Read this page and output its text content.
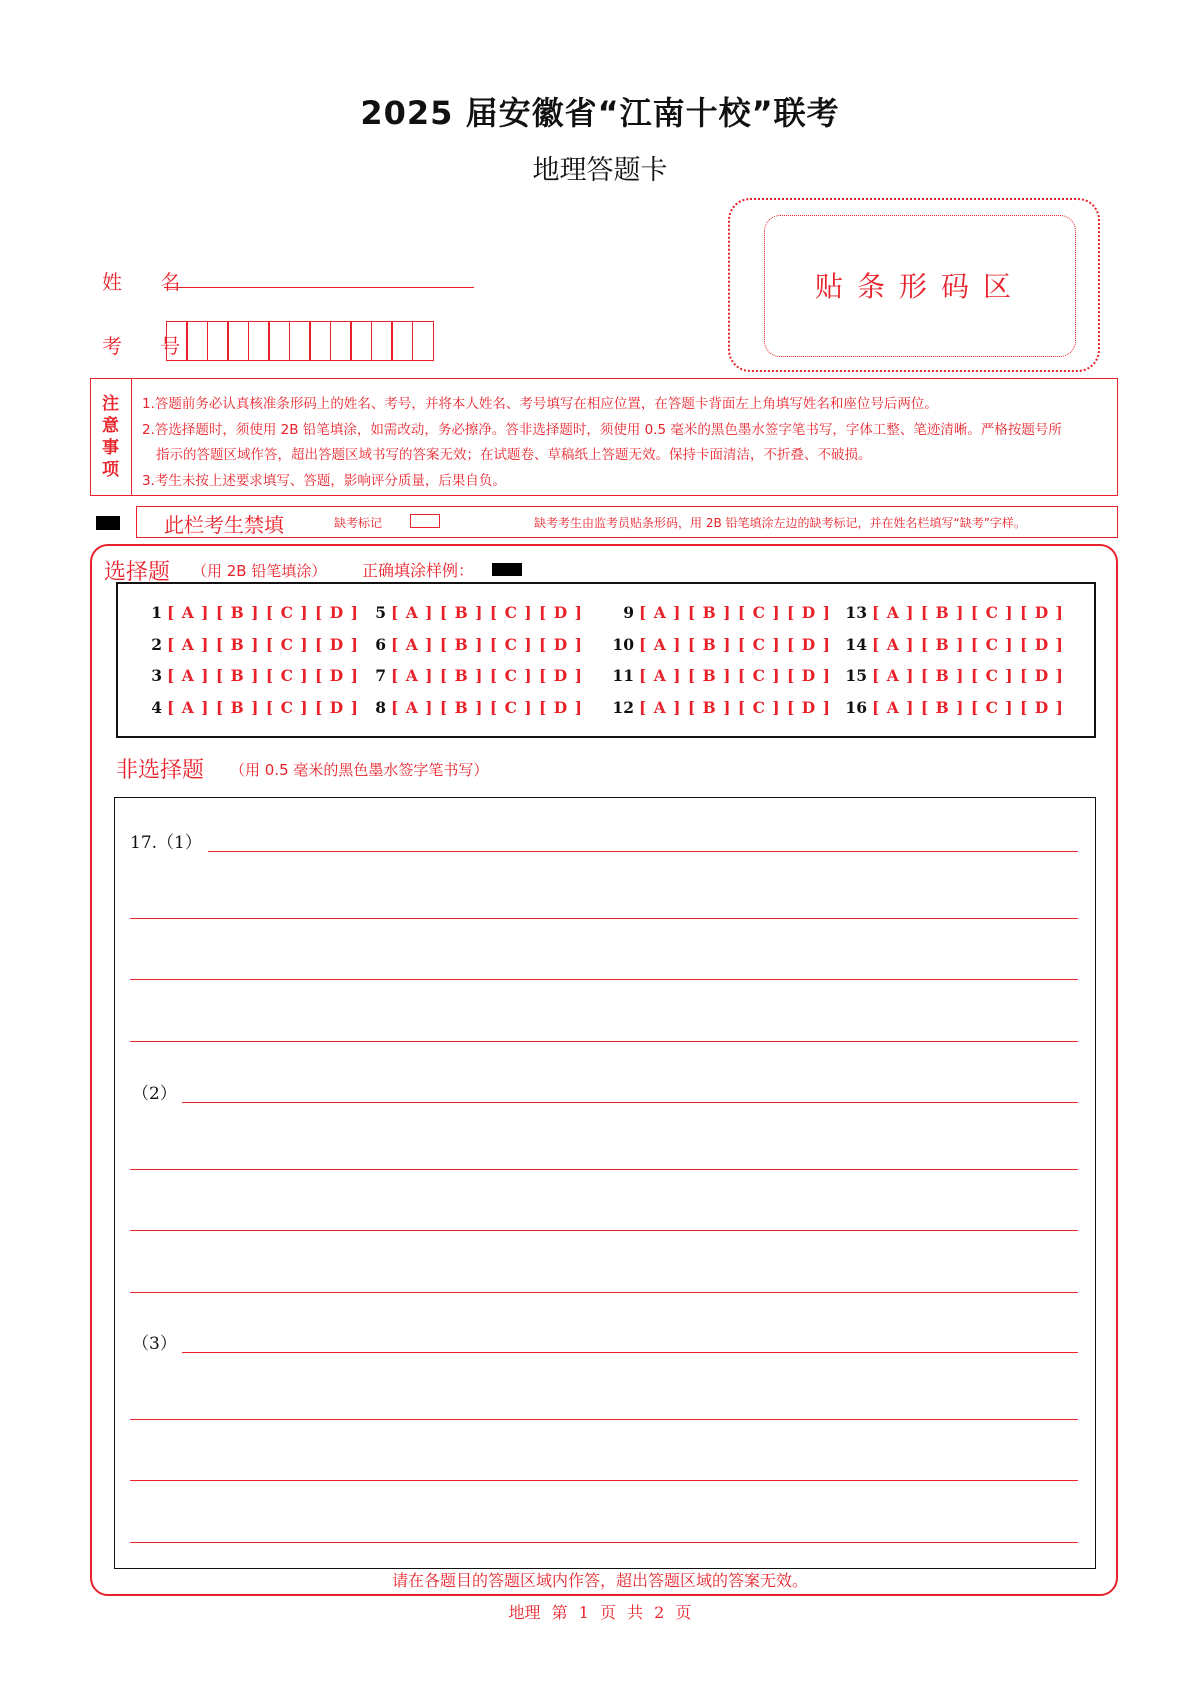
2025 届安徽省“江南十校”联考
地理答题卡
贴条形码区
姓 名
考 号
注
意
事
项
1.答题前务必认真核准条形码上的姓名、考号，并将本人姓名、考号填写在相应位置，在答题卡背面左上角填写姓名和座位号后两位。
2.答选择题时，须使用 2B 铅笔填涂，如需改动，务必擦净。答非选择题时，须使用 0.5 毫米的黑色墨水签字笔书写，字体工整、笔迹清晰。严格按题号所
指示的答题区域作答，超出答题区域书写的答案无效；在试题卷、草稿纸上答题无效。保持卡面清洁，不折叠、不破损。
3.考生未按上述要求填写、答题，影响评分质量，后果自负。
此栏考生禁填	缺考标记	缺考考生由监考员贴条形码，用 2B 铅笔填涂左边的缺考标记，并在姓名栏填写“缺考”字样。
选择题 （用 2B 铅笔填涂） 正确填涂样例：
非选择题 （用 0.5 毫米的黑色墨水签字笔书写）
请在各题目的答题区域内作答，超出答题区域的答案无效。
地理 第 1 页 共 2 页
1 [ A ] [ B ] [ C ] [ D ]
2 [ A ] [ B ] [ C ] [ D ]
3 [ A ] [ B ] [ C ] [ D ]
4 [ A ] [ B ] [ C ] [ D ]
5 [ A ] [ B ] [ C ] [ D ]
6 [ A ] [ B ] [ C ] [ D ]
7 [ A ] [ B ] [ C ] [ D ]
8 [ A ] [ B ] [ C ] [ D ]
9 [ A ] [ B ] [ C ] [ D ]
10 [ A ] [ B ] [ C ] [ D ]
11 [ A ] [ B ] [ C ] [ D ]
12 [ A ] [ B ] [ C ] [ D ]
13 [ A ] [ B ] [ C ] [ D ]
14 [ A ] [ B ] [ C ] [ D ]
15 [ A ] [ B ] [ C ] [ D ]
16 [ A ] [ B ] [ C ] [ D ]
17.（1）
（2）
（3）
